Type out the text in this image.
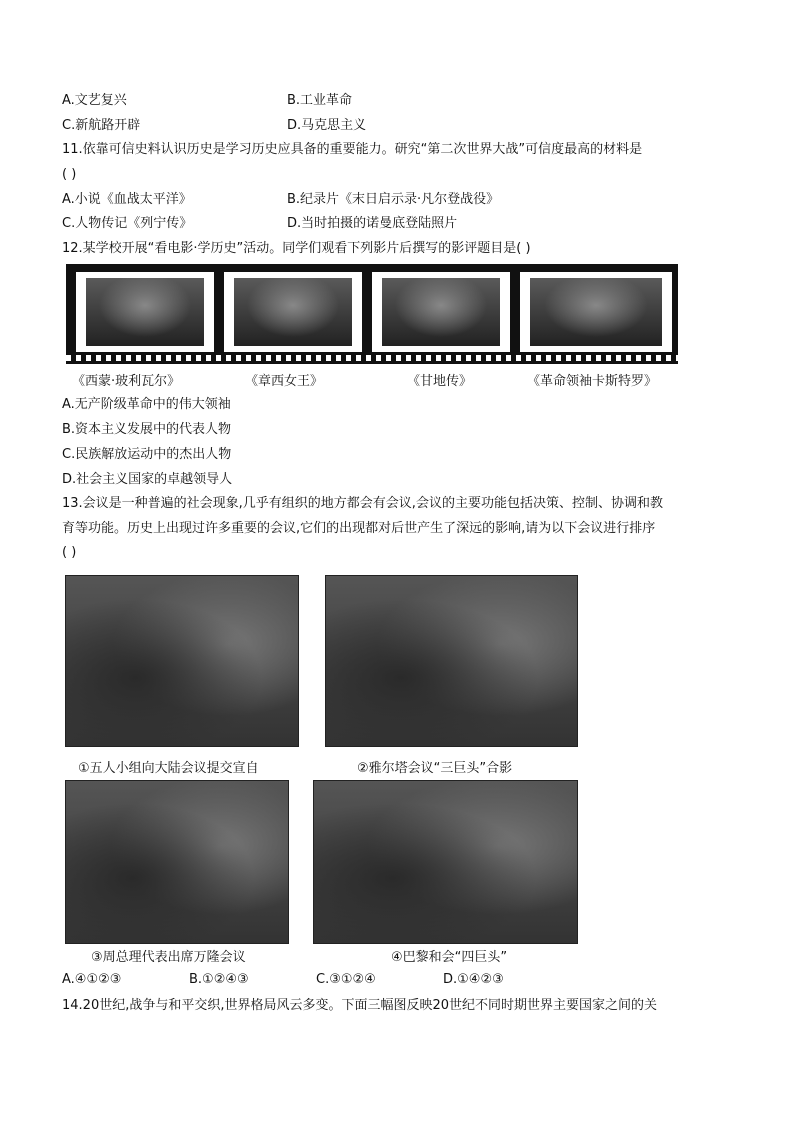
A.文艺复兴	B.工业革命
C.新航路开辟	D.马克思主义
11.依靠可信史料认识历史是学习历史应具备的重要能力。研究“第二次世界大战”可信度最高的材料是
( )
A.小说《血战太平洋》	B.纪录片《末日启示录·凡尔登战役》
C.人物传记《列宁传》	D.当时拍摄的诺曼底登陆照片
12.某学校开展“看电影·学历史”活动。同学们观看下列影片后撰写的影评题目是( )
《西蒙·玻利瓦尔》	《章西女王》	《甘地传》	《革命领袖卡斯特罗》
A.无产阶级革命中的伟大领袖
B.资本主义发展中的代表人物
C.民族解放运动中的杰出人物
D.社会主义国家的卓越领导人
13.会议是一种普遍的社会现象,几乎有组织的地方都会有会议,会议的主要功能包括决策、控制、协调和教
育等功能。历史上出现过许多重要的会议,它们的出现都对后世产生了深远的影响,请为以下会议进行排序
( )
①五人小组向大陆会议提交宣自	②雅尔塔会议“三巨头”合影
③周总理代表出席万隆会议	④巴黎和会“四巨头”
A.④①②③	B.①②④③	C.③①②④	D.①④②③
14.20世纪,战争与和平交织,世界格局风云多变。下面三幅图反映20世纪不同时期世界主要国家之间的关
